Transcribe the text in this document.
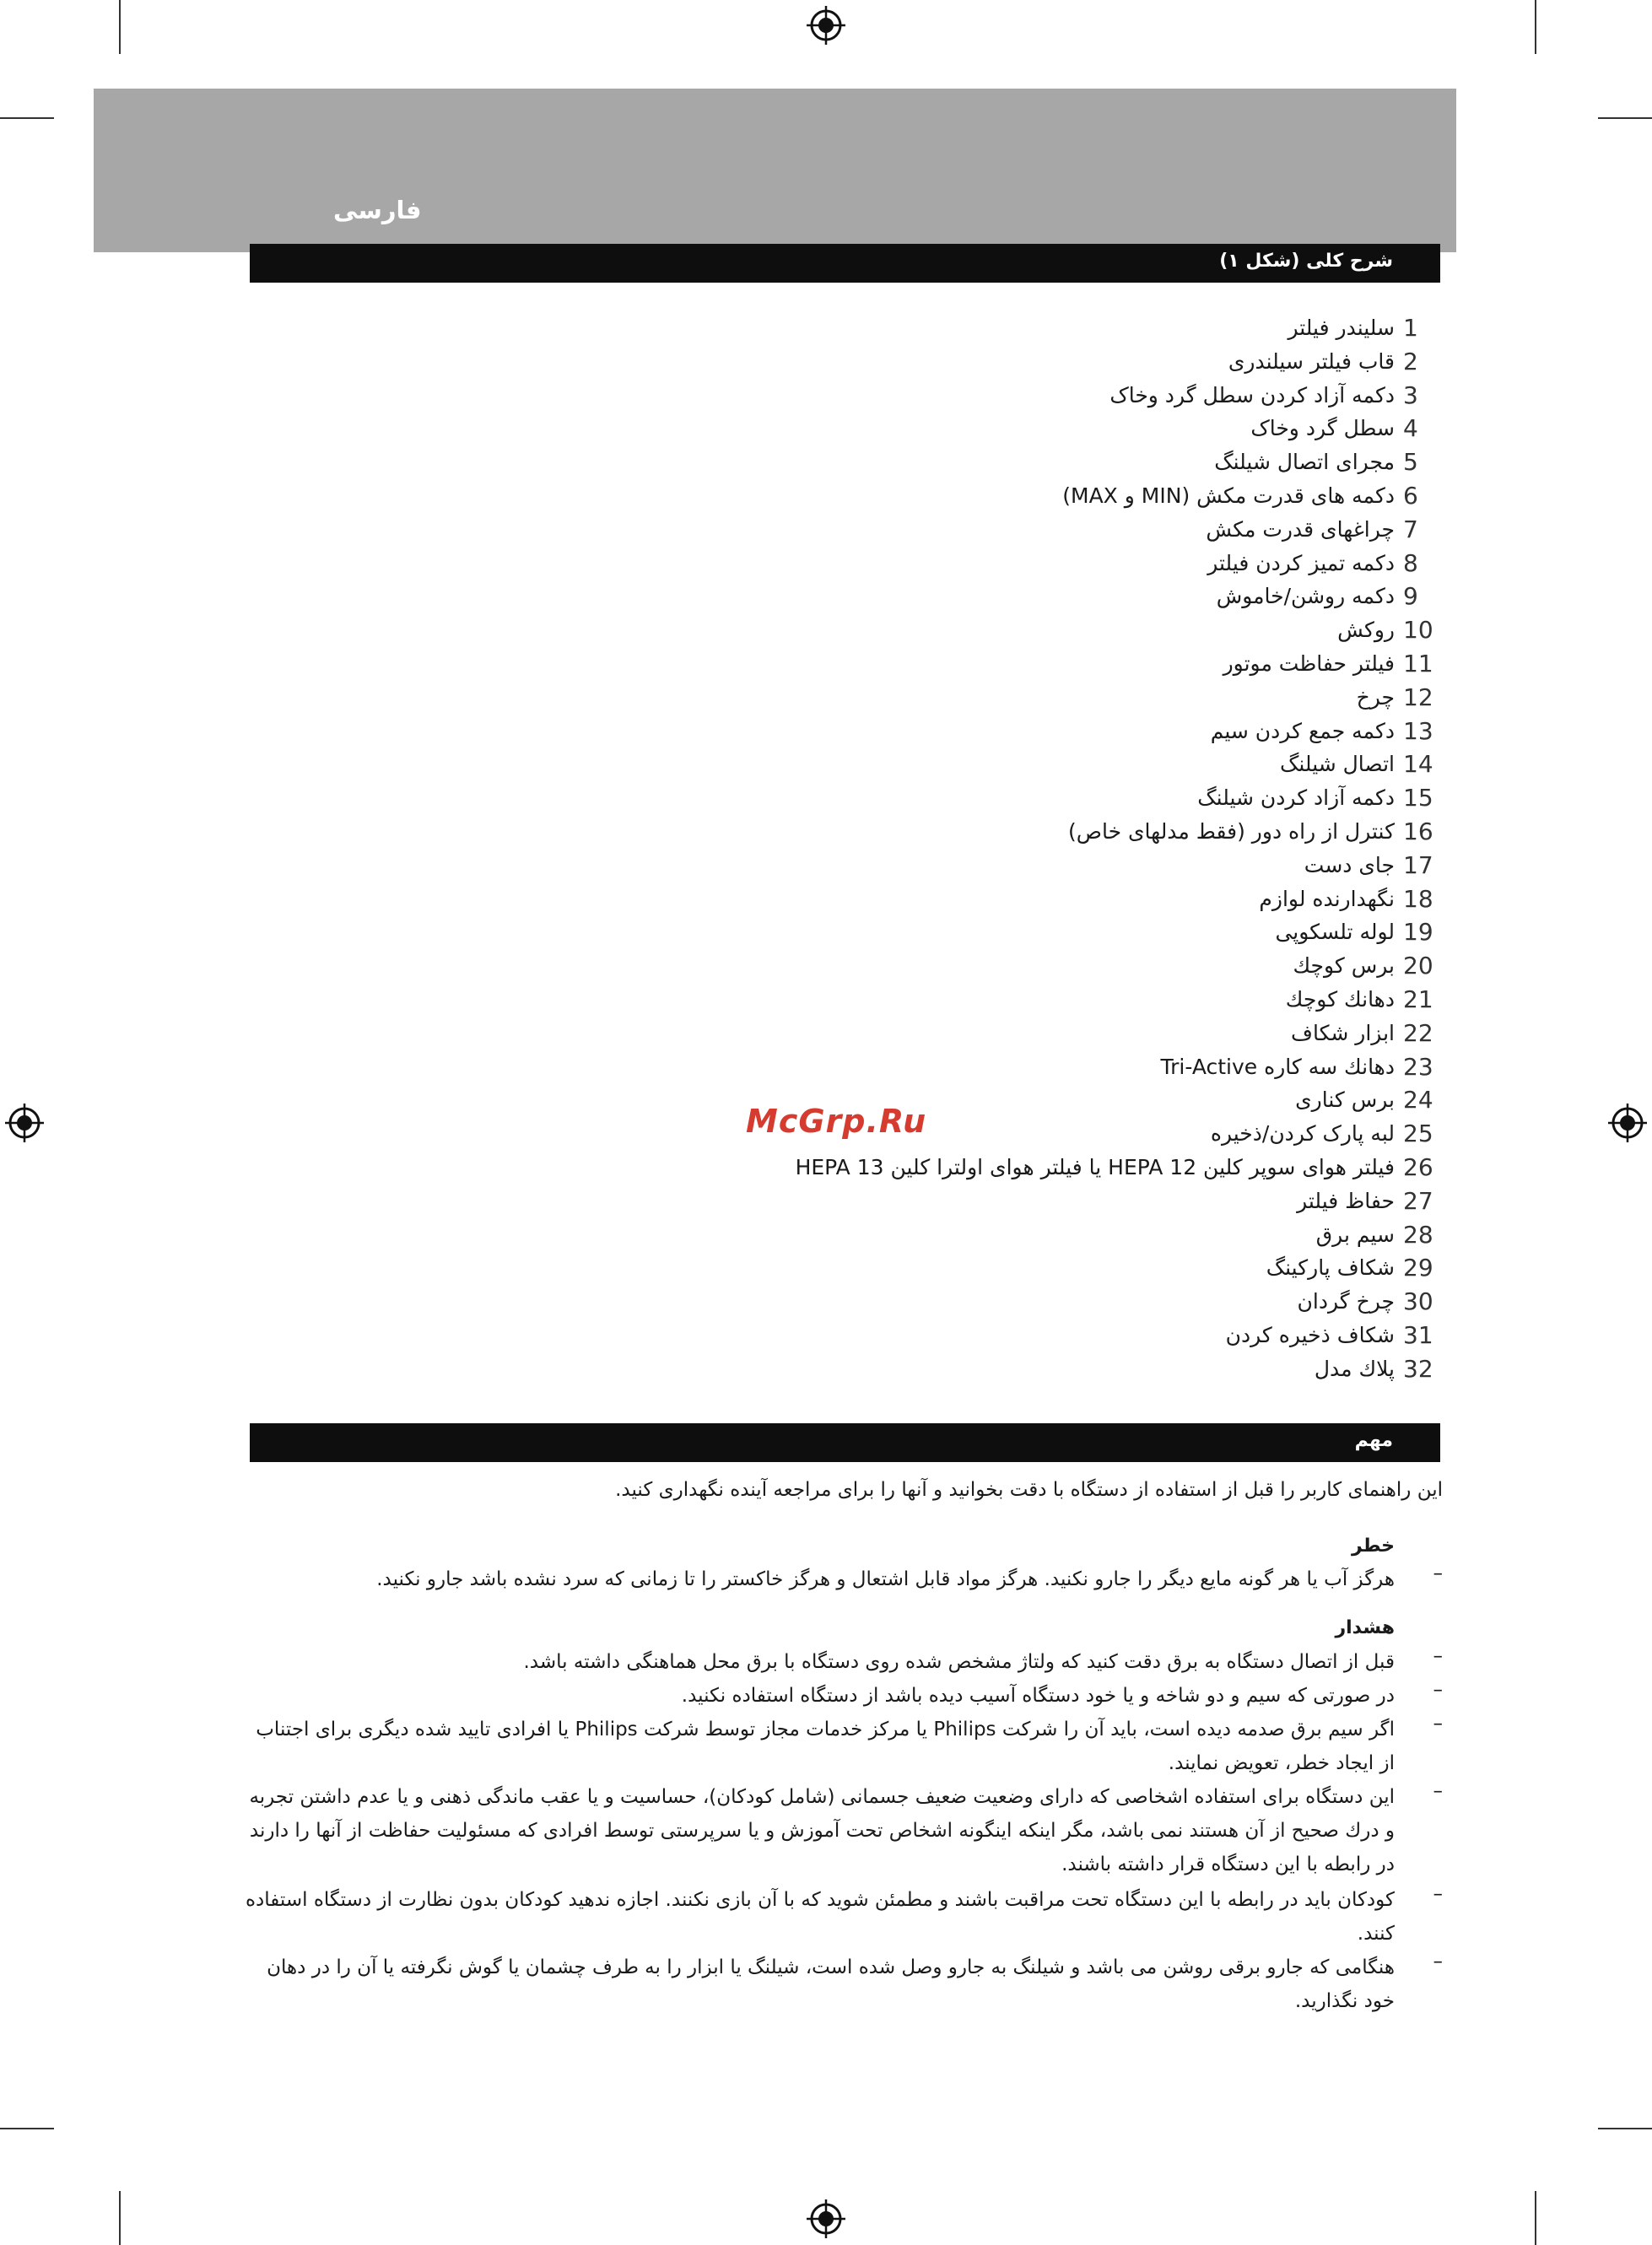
فارسی
شرح کلی (شکل ۱)
1
سلیندر فیلتر
2
قاب فیلتر سیلندری
3
دکمه آزاد کردن سطل گرد وخاک
4
سطل گرد وخاک
5
مجرای اتصال شیلنگ
6
دکمه های قدرت مکش (MIN و MAX)
7
چراغهای قدرت مکش
8
دکمه تمیز کردن فیلتر
9
دکمه روشن/خاموش
10
روکش
11
فیلتر حفاظت موتور
12
چرخ
13
دکمه جمع کردن سیم
14
اتصال شیلنگ
15
دکمه آزاد کردن شیلنگ
16
کنترل از راه دور (فقط مدلهای خاص)
17
جای دست
18
نگهدارنده لوازم
19
لوله تلسکوپی
20
برس کوچك
21
دهانك کوچك
22
ابزار شکاف
23
دهانك سه کاره Tri-Active
24
برس کناری
25
لبه پارک کردن/ذخیره
26
فیلتر هوای سوپر کلین HEPA 12 یا فیلتر هوای اولترا کلین HEPA 13
27
حفاظ فیلتر
28
سیم برق
29
شکاف پارکینگ
30
چرخ گردان
31
شکاف ذخیره کردن
32
پلاك مدل
McGrp.Ru
مهم
این راهنمای کاربر را قبل از استفاده از دستگاه با دقت بخوانید و آنها را برای مراجعه آینده نگهداری کنید.
خطر
–
هرگز آب یا هر گونه مایع دیگر را جارو نکنید. هرگز مواد قابل اشتعال و هرگز خاکستر را تا زمانی که سرد نشده باشد جارو نکنید.
هشدار
–
قبل از اتصال دستگاه به برق دقت کنید که ولتاژ مشخص شده روی دستگاه با برق محل هماهنگی داشته باشد.
–
در صورتی که سیم و دو شاخه و یا خود دستگاه آسیب دیده باشد از دستگاه استفاده نکنید.
–
اگر سیم برق صدمه دیده است، باید آن را شرکت Philips یا مرکز خدمات مجاز توسط شرکت Philips یا افرادی تایید شده دیگری برای اجتناب از ایجاد خطر، تعویض نمایند.
–
این دستگاه برای استفاده اشخاصی که دارای وضعیت ضعیف جسمانی (شامل کودکان)، حساسیت و یا عقب ماندگی ذهنی و یا عدم داشتن تجربه و درك صحیح از آن هستند نمی باشد، مگر اینکه اینگونه اشخاص تحت آموزش و یا سرپرستی توسط افرادی که مسئولیت حفاظت از آنها را دارند در رابطه با این دستگاه قرار داشته باشند.
–
کودکان باید در رابطه با این دستگاه تحت مراقبت باشند و مطمئن شوید که با آن بازی نکنند. اجازه ندهید کودکان بدون نظارت از دستگاه استفاده کنند.
–
هنگامی که جارو برقی روشن می باشد و شیلنگ به جارو وصل شده است، شیلنگ یا ابزار را به طرف چشمان یا گوش نگرفته یا آن را در دهان خود نگذارید.
